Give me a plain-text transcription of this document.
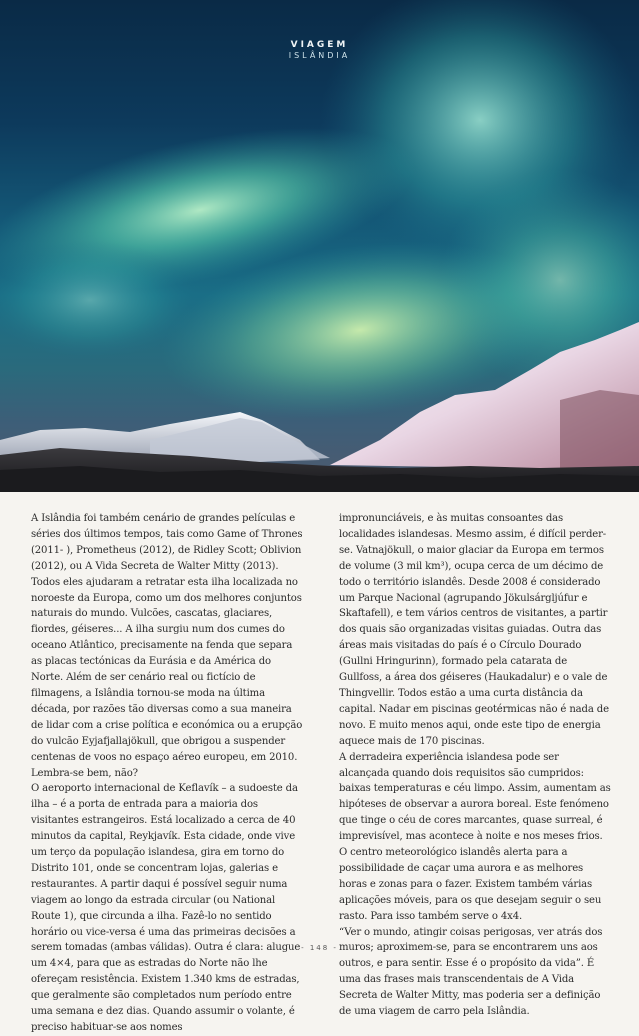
VIAGEM
ISLÂNDIA

A Islândia foi também cenário de grandes películas e séries dos últimos tempos, tais como Game of Thrones (2011- ), Prometheus (2012), de Ridley Scott; Oblivion (2012), ou A Vida Secreta de Walter Mitty (2013). Todos eles ajudaram a retratar esta ilha localizada no noroeste da Europa, como um dos melhores conjuntos naturais do mundo. Vulcões, cascatas, glaciares, fiordes, géiseres... A ilha surgiu num dos cumes do oceano Atlântico, precisamente na fenda que separa as placas tectónicas da Eurásia e da América do Norte. Além de ser cenário real ou fictício de filmagens, a Islândia tornou-se moda na última década, por razões tão diversas como a sua maneira de lidar com a crise política e económica ou a erupção do vulcão Eyjafjallajökull, que obrigou a suspender centenas de voos no espaço aéreo europeu, em 2010. Lembra-se bem, não?

O aeroporto internacional de Keflavík – a sudoeste da ilha – é a porta de entrada para a maioria dos visitantes estrangeiros. Está localizado a cerca de 40 minutos da capital, Reykjavík. Esta cidade, onde vive um terço da população islandesa, gira em torno do Distrito 101, onde se concentram lojas, galerias e restaurantes. A partir daqui é possível seguir numa viagem ao longo da estrada circular (ou National Route 1), que circunda a ilha. Fazê-lo no sentido horário ou vice-versa é uma das primeiras decisões a serem tomadas (ambas válidas). Outra é clara: alugue um 4×4, para que as estradas do Norte não lhe ofereçam resistência. Existem 1.340 kms de estradas, que geralmente são completados num período entre uma semana e dez dias. Quando assumir o volante, é preciso habituar-se aos nomes

impronunciáveis, e às muitas consoantes das localidades islandesas. Mesmo assim, é difícil perder-se. Vatnajökull, o maior glaciar da Europa em termos de volume (3 mil km³), ocupa cerca de um décimo de todo o território islandês. Desde 2008 é considerado um Parque Nacional (agrupando Jökulsárgljúfur e Skaftafell), e tem vários centros de visitantes, a partir dos quais são organizadas visitas guiadas. Outra das áreas mais visitadas do país é o Círculo Dourado (Gullni Hringurinn), formado pela catarata de Gullfoss, a área dos géiseres (Haukadalur) e o vale de Thingvellir. Todos estão a uma curta distância da capital. Nadar em piscinas geotérmicas não é nada de novo. E muito menos aqui, onde este tipo de energia aquece mais de 170 piscinas.

A derradeira experiência islandesa pode ser alcançada quando dois requisitos são cumpridos: baixas temperaturas e céu limpo. Assim, aumentam as hipóteses de observar a aurora boreal. Este fenómeno que tinge o céu de cores marcantes, quase surreal, é imprevisível, mas acontece à noite e nos meses frios. O centro meteorológico islandês alerta para a possibilidade de caçar uma aurora e as melhores horas e zonas para o fazer. Existem também várias aplicações móveis, para os que desejam seguir o seu rasto. Para isso também serve o 4x4.

“Ver o mundo, atingir coisas perigosas, ver atrás dos muros; aproximem-se, para se encontrarem uns aos outros, e para sentir. Esse é o propósito da vida”. É uma das frases mais transcendentais de A Vida Secreta de Walter Mitty, mas poderia ser a definição de uma viagem de carro pela Islândia.

- 148 -
